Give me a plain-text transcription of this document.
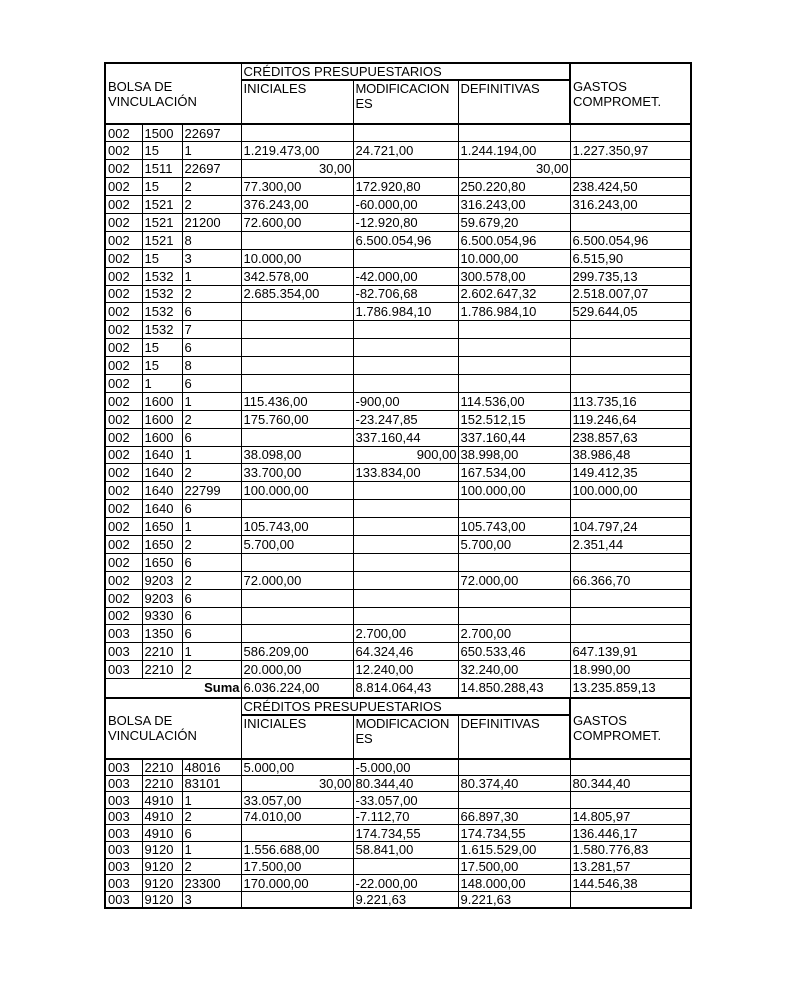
BOLSA DE VINCULACIÓN			CRÉDITOS PRESUPUESTARIOS			GASTOS COMPROMET.
			INICIALES	MODIFICACIONES	DEFINITIVAS	
002	1500	22697				
002	15	1	1.219.473,00	24.721,00	1.244.194,00	1.227.350,97
002	1511	22697	30,00		30,00	
002	15	2	77.300,00	172.920,80	250.220,80	238.424,50
002	1521	2	376.243,00	-60.000,00	316.243,00	316.243,00
002	1521	21200	72.600,00	-12.920,80	59.679,20	
002	1521	8		6.500.054,96	6.500.054,96	6.500.054,96
002	15	3	10.000,00		10.000,00	6.515,90
002	1532	1	342.578,00	-42.000,00	300.578,00	299.735,13
002	1532	2	2.685.354,00	-82.706,68	2.602.647,32	2.518.007,07
002	1532	6		1.786.984,10	1.786.984,10	529.644,05
002	1532	7				
002	15	6				
002	15	8				
002	1	6				
002	1600	1	115.436,00	-900,00	114.536,00	113.735,16
002	1600	2	175.760,00	-23.247,85	152.512,15	119.246,64
002	1600	6		337.160,44	337.160,44	238.857,63
002	1640	1	38.098,00	900,00	38.998,00	38.986,48
002	1640	2	33.700,00	133.834,00	167.534,00	149.412,35
002	1640	22799	100.000,00		100.000,00	100.000,00
002	1640	6				
002	1650	1	105.743,00		105.743,00	104.797,24
002	1650	2	5.700,00		5.700,00	2.351,44
002	1650	6				
002	9203	2	72.000,00		72.000,00	66.366,70
002	9203	6				
002	9330	6				
003	1350	6		2.700,00	2.700,00	
003	2210	1	586.209,00	64.324,46	650.533,46	647.139,91
003	2210	2	20.000,00	12.240,00	32.240,00	18.990,00
Suma			6.036.224,00	8.814.064,43	14.850.288,43	13.235.859,13
BOLSA DE VINCULACIÓN			CRÉDITOS PRESUPUESTARIOS			GASTOS COMPROMET.
			INICIALES	MODIFICACIONES	DEFINITIVAS	
003	2210	48016	5.000,00	-5.000,00		
003	2210	83101	30,00	80.344,40	80.374,40	80.344,40
003	4910	1	33.057,00	-33.057,00		
003	4910	2	74.010,00	-7.112,70	66.897,30	14.805,97
003	4910	6		174.734,55	174.734,55	136.446,17
003	9120	1	1.556.688,00	58.841,00	1.615.529,00	1.580.776,83
003	9120	2	17.500,00		17.500,00	13.281,57
003	9120	23300	170.000,00	-22.000,00	148.000,00	144.546,38
003	9120	3		9.221,63	9.221,63	
